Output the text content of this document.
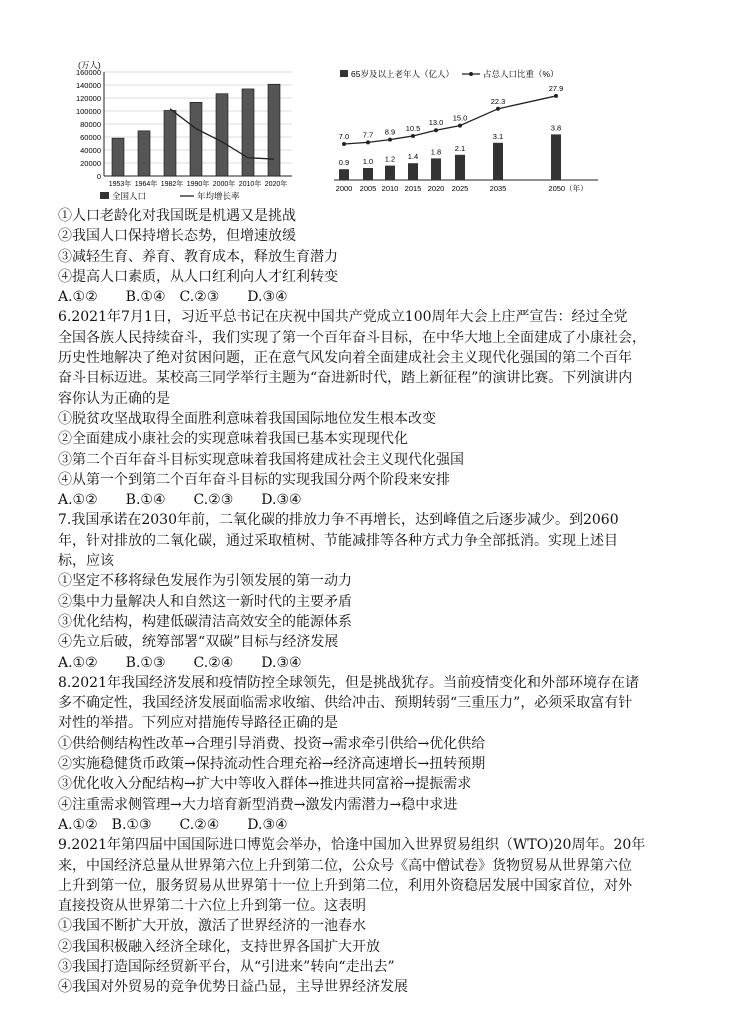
(万人)
160000
140000
120000
100000
80000
60000
40000
20000
0
1953年 1964年 1982年 1990年 2000年 2010年 2020年
全国人口	年均增长率
65岁及以上老年人（亿人）	占总人口比重（%）
0.9 1.0 1.2 1.4
1.8 2.1
3.1
3.8
7.0 7.7 8.9 10.5
13.0
15.0
22.3
27.9
2000 2005 2010 2015 2020 2025	2035	2050（年）
①人口老龄化对我国既是机遇又是挑战
②我国人口保持增长态势，但增速放缓
③减轻生育、养育、教育成本，释放生育潜力
④提高人口素质，从人口红利向人才红利转变
A.①②　　B.①④　C.②③　　D.③④
6.2021年7月1日，习近平总书记在庆祝中国共产党成立100周年大会上庄严宣告：经过全党
全国各族人民持续奋斗，我们实现了第一个百年奋斗目标，在中华大地上全面建成了小康社会，
历史性地解决了绝对贫困问题，正在意气风发向着全面建成社会主义现代化强国的第二个百年
奋斗目标迈进。某校高三同学举行主题为“奋进新时代，踏上新征程”的演讲比赛。下列演讲内
容你认为正确的是
①脱贫攻坚战取得全面胜利意味着我国国际地位发生根本改变
②全面建成小康社会的实现意味着我国已基本实现现代化
③第二个百年奋斗目标实现意味着我国将建成社会主义现代化强国
④从第一个到第二个百年奋斗目标的实现我国分两个阶段来安排
A.①②　　B.①④　　C.②③　　D.③④
7.我国承诺在2030年前，二氧化碳的排放力争不再增长，达到峰值之后逐步减少。到2060
年，针对排放的二氧化碳，通过采取植树、节能减排等各种方式力争全部抵消。实现上述目
标，应该
①坚定不移将绿色发展作为引领发展的第一动力
②集中力量解决人和自然这一新时代的主要矛盾
③优化结构，构建低碳清洁高效安全的能源体系
④先立后破，统筹部署“双碳”目标与经济发展
A.①②　　B.①③　　C.②④　　D.③④
8.2021年我国经济发展和疫情防控全球领先，但是挑战犹存。当前疫情变化和外部环境存在诸
多不确定性，我国经济发展面临需求收缩、供给冲击、预期转弱“三重压力”，必须采取富有针
对性的举措。下列应对措施传导路径正确的是
①供给侧结构性改革→合理引导消费、投资→需求牵引供给→优化供给
②实施稳健货币政策→保持流动性合理充裕→经济高速增长→扭转预期
③优化收入分配结构→扩大中等收入群体→推进共同富裕→提振需求
④注重需求侧管理→大力培育新型消费→激发内需潜力→稳中求进
A.①②　B.①③　　C.②④　　D.③④
9.2021年第四届中国国际进口博览会举办，恰逢中国加入世界贸易组织（WTO)20周年。20年
来，中国经济总量从世界第六位上升到第二位，公众号《高中僧试卷》货物贸易从世界第六位
上升到第一位，服务贸易从世界第十一位上升到第二位，利用外资稳居发展中国家首位，对外
直接投资从世界第二十六位上升到第一位。这表明
①我国不断扩大开放，激活了世界经济的一池春水
②我国积极融入经济全球化，支持世界各国扩大开放
③我国打造国际经贸新平台，从“引进来”转向“走出去”
④我国对外贸易的竞争优势日益凸显，主导世界经济发展
